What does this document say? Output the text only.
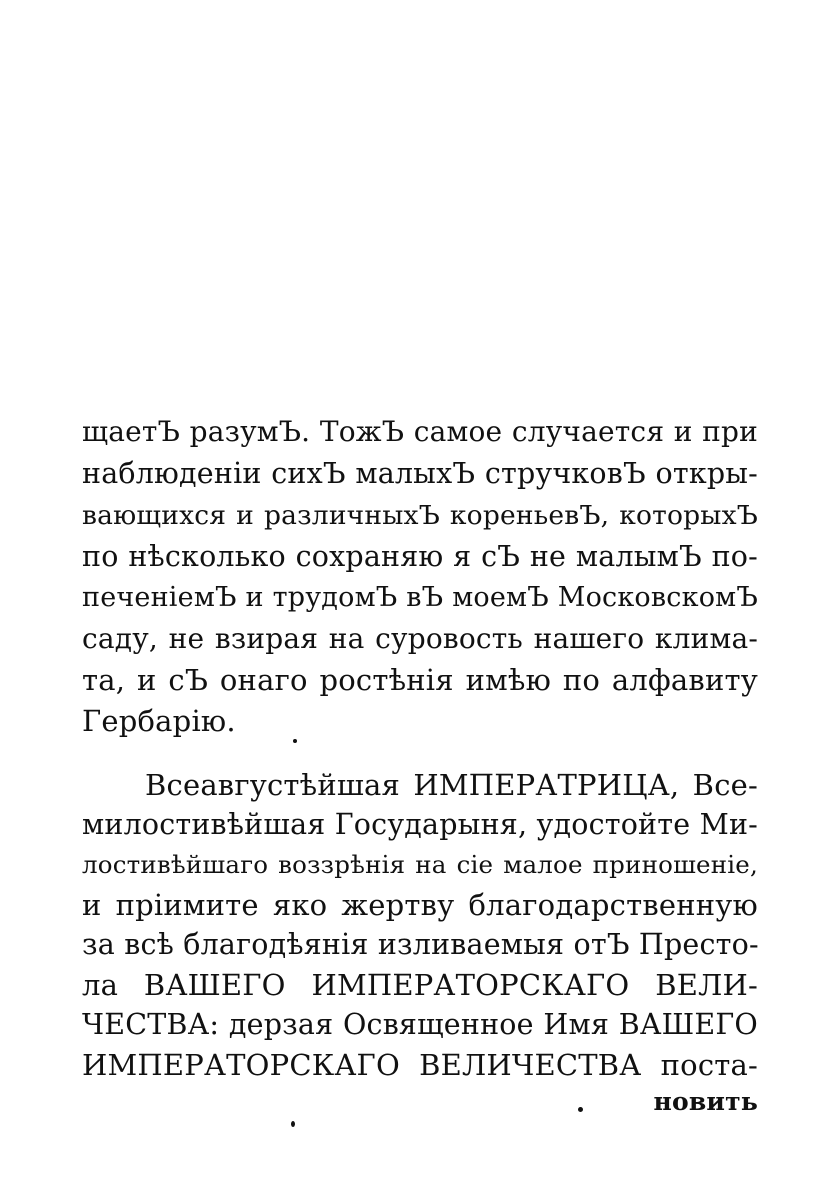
щаетЪ разумЪ. ТожЪ самое случается и при
наблюденiи сихЪ малыхЪ стручковЪ откры-
вающихся и различныхЪ кореньевЪ, которыхЪ
по нѣсколько сохраняю я сЪ не малымЪ по-
печенiемЪ и трудомЪ вЪ моемЪ МосковскомЪ
саду, не взирая на суровость нашего клима-
та, и сЪ онаго ростѣнiя имѣю по алфавиту
Гербарiю.
Всеавгустѣйшая ИМПЕРАТРИЦА, Все-
милостивѣйшая Государыня, удостойте Ми-
лостивѣйшаго воззрѣнiя на сiе малое приношенiе,
и прiимите яко жертву благодарственную
за всѣ благодѣянiя изливаемыя отЪ Престо-
ла ВАШЕГО ИМПЕРАТОРСКАГО ВЕЛИ-
ЧЕСТВА: дерзая Освященное Имя ВАШЕГО
ИМПЕРАТОРСКАГО ВЕЛИЧЕСТВА поста-
новить
